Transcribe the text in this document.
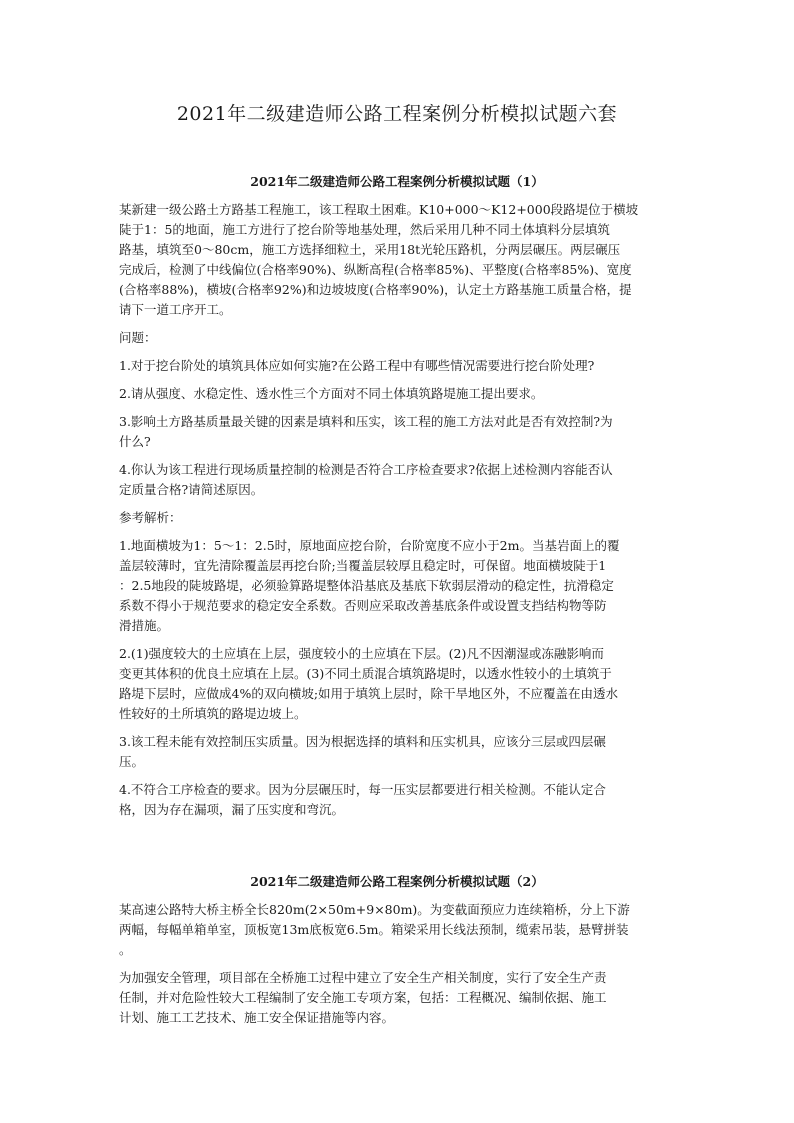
2021年二级建造师公路工程案例分析模拟试题六套
2021年二级建造师公路工程案例分析模拟试题（1）

某新建一级公路土方路基工程施工，该工程取土困难。K10+000～K12+000段路堤位于横坡
陡于1：5的地面，施工方进行了挖台阶等地基处理，然后采用几种不同土体填料分层填筑
路基，填筑至0～80cm，施工方选择细粒土，采用18t光轮压路机，分两层碾压。两层碾压
完成后，检测了中线偏位(合格率90%)、纵断高程(合格率85%)、平整度(合格率85%)、宽度
(合格率88%)，横坡(合格率92%)和边坡坡度(合格率90%)，认定土方路基施工质量合格，提
请下一道工序开工。

问题：

1.对于挖台阶处的填筑具体应如何实施?在公路工程中有哪些情况需要进行挖台阶处理?

2.请从强度、水稳定性、透水性三个方面对不同土体填筑路堤施工提出要求。

3.影响土方路基质量最关键的因素是填料和压实，该工程的施工方法对此是否有效控制?为
什么?

4.你认为该工程进行现场质量控制的检测是否符合工序检查要求?依据上述检测内容能否认
定质量合格?请简述原因。

参考解析：

1.地面横坡为1：5～1：2.5时，原地面应挖台阶，台阶宽度不应小于2m。当基岩面上的覆
盖层较薄时，宜先清除覆盖层再挖台阶;当覆盖层较厚且稳定时，可保留。地面横坡陡于1
：2.5地段的陡坡路堤，必须验算路堤整体沿基底及基底下软弱层滑动的稳定性，抗滑稳定
系数不得小于规范要求的稳定安全系数。否则应采取改善基底条件或设置支挡结构物等防
滑措施。

2.(1)强度较大的土应填在上层，强度较小的土应填在下层。(2)凡不因潮湿或冻融影响而
变更其体积的优良土应填在上层。(3)不同土质混合填筑路堤时，以透水性较小的土填筑于
路堤下层时，应做成4%的双向横坡;如用于填筑上层时，除干旱地区外，不应覆盖在由透水
性较好的土所填筑的路堤边坡上。

3.该工程未能有效控制压实质量。因为根据选择的填料和压实机具，应该分三层或四层碾
压。

4.不符合工序检查的要求。因为分层碾压时，每一压实层都要进行相关检测。不能认定合
格，因为存在漏项，漏了压实度和弯沉。

2021年二级建造师公路工程案例分析模拟试题（2）

某高速公路特大桥主桥全长820m(2×50m+9×80m)。为变截面预应力连续箱桥，分上下游
两幅，每幅单箱单室，顶板宽13m底板宽6.5m。箱梁采用长线法预制，缆索吊装，悬臂拼装
。

为加强安全管理，项目部在全桥施工过程中建立了安全生产相关制度，实行了安全生产责
任制，并对危险性较大工程编制了安全施工专项方案，包括：工程概况、编制依据、施工
计划、施工工艺技术、施工安全保证措施等内容。
